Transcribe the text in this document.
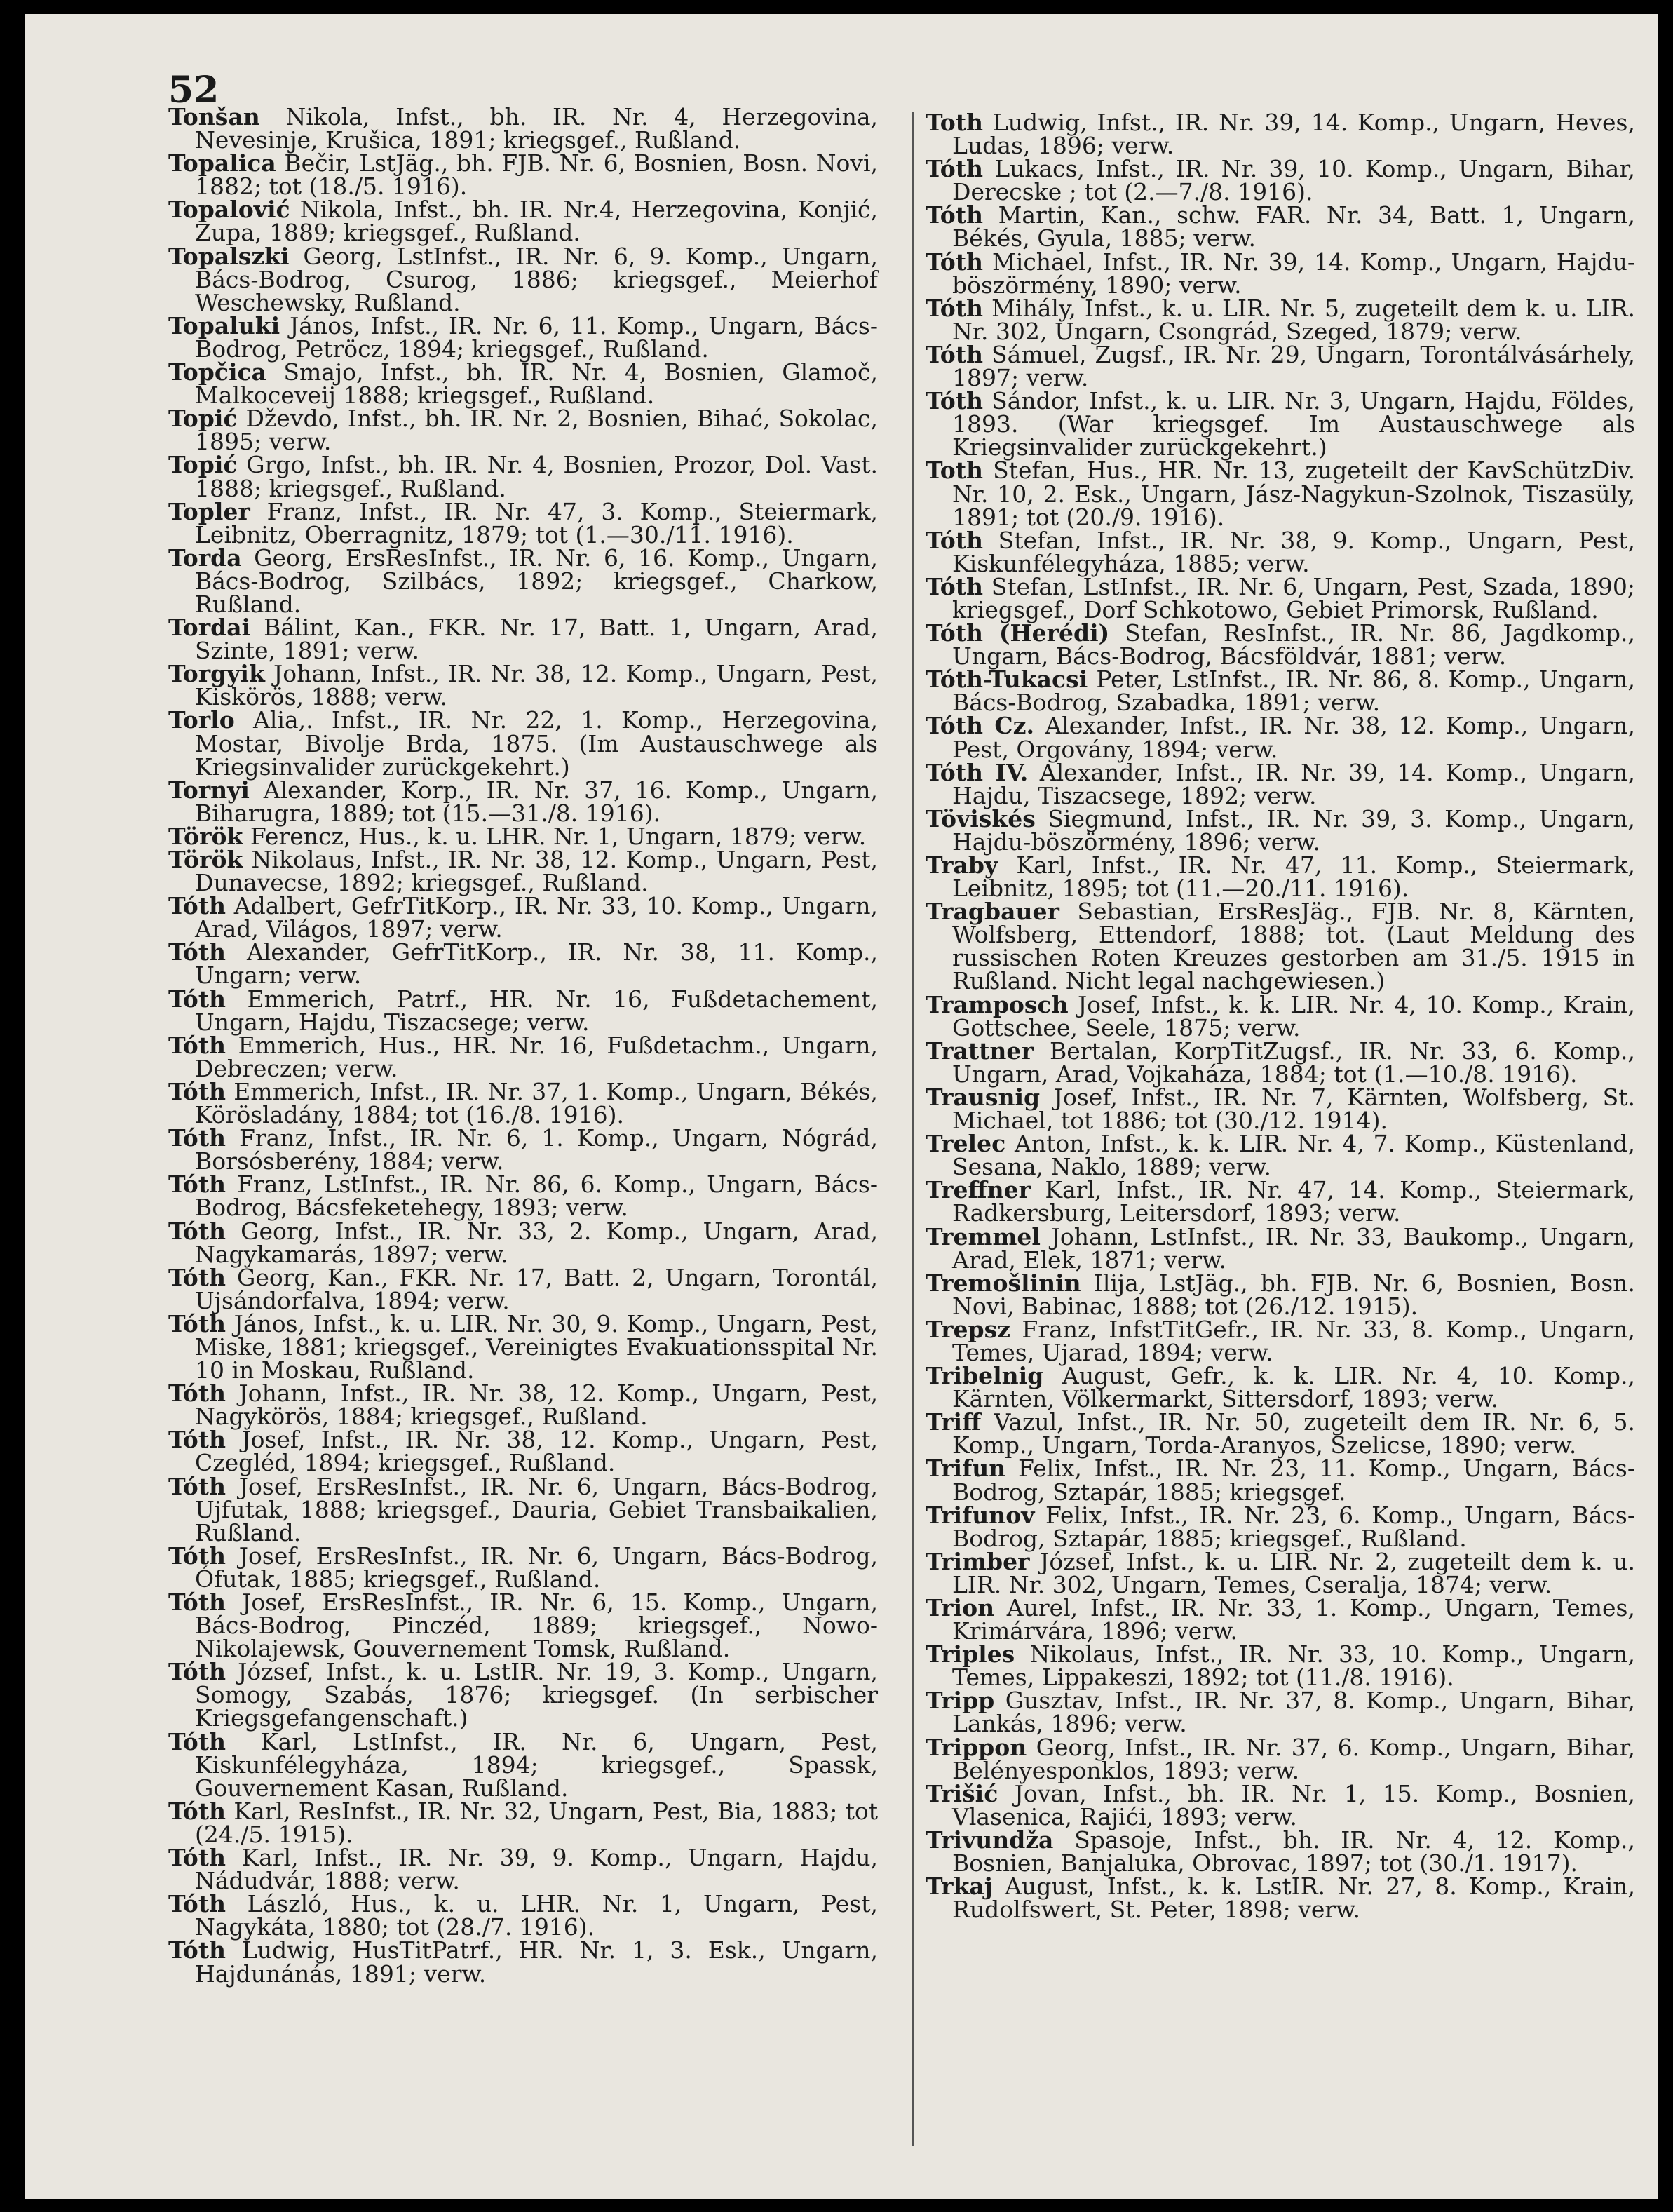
52

Tonšan Nikola, Infst., bh. IR. Nr. 4, Herzegovina, Nevesinje, Krušica, 1891; kriegsgef., Rußland.

Topalica Bečir, LstJäg., bh. FJB. Nr. 6, Bosnien, Bosn. Novi, 1882; tot (18./5. 1916).

Topalović Nikola, Infst., bh. IR. Nr.4, Herzegovina, Konjić, Zupa, 1889; kriegsgef., Rußland.

Topalszki Georg, LstInfst., IR. Nr. 6, 9. Komp., Ungarn, Bács-Bodrog, Csurog, 1886; kriegsgef., Meierhof Weschewsky, Rußland.

Topaluki János, Infst., IR. Nr. 6, 11. Komp., Ungarn, Bács-Bodrog, Petröcz, 1894; kriegsgef., Rußland.

Topčica Smajo, Infst., bh. IR. Nr. 4, Bosnien, Glamoč, Malkoceveij 1888; kriegsgef., Rußland.

Topić Dževdo, Infst., bh. IR. Nr. 2, Bosnien, Bihać, Sokolac, 1895; verw.

Topić Grgo, Infst., bh. IR. Nr. 4, Bosnien, Prozor, Dol. Vast. 1888; kriegsgef., Rußland.

Topler Franz, Infst., IR. Nr. 47, 3. Komp., Steiermark, Leibnitz, Oberragnitz, 1879; tot (1.—30./11. 1916).

Torda Georg, ErsResInfst., IR. Nr. 6, 16. Komp., Ungarn, Bács-Bodrog, Szilbács, 1892; kriegsgef., Charkow, Rußland.

Tordai Bálint, Kan., FKR. Nr. 17, Batt. 1, Ungarn, Arad, Szinte, 1891; verw.

Torgyik Johann, Infst., IR. Nr. 38, 12. Komp., Ungarn, Pest, Kiskörös, 1888; verw.

Torlo Alia,. Infst., IR. Nr. 22, 1. Komp., Herzegovina, Mostar, Bivolje Brda, 1875. (Im Austauschwege als Kriegsinvalider zurückgekehrt.)

Tornyi Alexander, Korp., IR. Nr. 37, 16. Komp., Ungarn, Biharugra, 1889; tot (15.—31./8. 1916).

Török Ferencz, Hus., k. u. LHR. Nr. 1, Ungarn, 1879; verw.

Török Nikolaus, Infst., IR. Nr. 38, 12. Komp., Ungarn, Pest, Dunavecse, 1892; kriegsgef., Rußland.

Tóth Adalbert, GefrTitKorp., IR. Nr. 33, 10. Komp., Ungarn, Arad, Világos, 1897; verw.

Tóth Alexander, GefrTitKorp., IR. Nr. 38, 11. Komp., Ungarn; verw.

Tóth Emmerich, Patrf., HR. Nr. 16, Fußdetachement, Ungarn, Hajdu, Tiszacsege; verw.

Tóth Emmerich, Hus., HR. Nr. 16, Fußdetachm., Ungarn, Debreczen; verw.

Tóth Emmerich, Infst., IR. Nr. 37, 1. Komp., Ungarn, Békés, Körösladány, 1884; tot (16./8. 1916).

Tóth Franz, Infst., IR. Nr. 6, 1. Komp., Ungarn, Nógrád, Borsósberény, 1884; verw.

Tóth Franz, LstInfst., IR. Nr. 86, 6. Komp., Ungarn, Bács-Bodrog, Bácsfeketehegy, 1893; verw.

Tóth Georg, Infst., IR. Nr. 33, 2. Komp., Ungarn, Arad, Nagykamarás, 1897; verw.

Tóth Georg, Kan., FKR. Nr. 17, Batt. 2, Ungarn, Torontál, Ujsándorfalva, 1894; verw.

Tóth János, Infst., k. u. LIR. Nr. 30, 9. Komp., Ungarn, Pest, Miske, 1881; kriegsgef., Vereinigtes Evakuationsspital Nr. 10 in Moskau, Rußland.

Tóth Johann, Infst., IR. Nr. 38, 12. Komp., Ungarn, Pest, Nagykörös, 1884; kriegsgef., Rußland.

Tóth Josef, Infst., IR. Nr. 38, 12. Komp., Ungarn, Pest, Czegléd, 1894; kriegsgef., Rußland.

Tóth Josef, ErsResInfst., IR. Nr. 6, Ungarn, Bács-Bodrog, Ujfutak, 1888; kriegsgef., Dauria, Gebiet Transbaikalien, Rußland.

Tóth Josef, ErsResInfst., IR. Nr. 6, Ungarn, Bács-Bodrog, Ófutak, 1885; kriegsgef., Rußland.

Tóth Josef, ErsResInfst., IR. Nr. 6, 15. Komp., Ungarn, Bács-Bodrog, Pinczéd, 1889; kriegsgef., Nowo-Nikolajewsk, Gouvernement Tomsk, Rußland.

Tóth József, Infst., k. u. LstIR. Nr. 19, 3. Komp., Ungarn, Somogy, Szabás, 1876; kriegsgef. (In serbischer Kriegsgefangenschaft.)

Tóth Karl, LstInfst., IR. Nr. 6, Ungarn, Pest, Kiskunfélegyháza, 1894; kriegsgef., Spassk, Gouvernement Kasan, Rußland.

Tóth Karl, ResInfst., IR. Nr. 32, Ungarn, Pest, Bia, 1883; tot (24./5. 1915).

Tóth Karl, Infst., IR. Nr. 39, 9. Komp., Ungarn, Hajdu, Nádudvár, 1888; verw.

Tóth László, Hus., k. u. LHR. Nr. 1, Ungarn, Pest, Nagykáta, 1880; tot (28./7. 1916).

Tóth Ludwig, HusTitPatrf., HR. Nr. 1, 3. Esk., Ungarn, Hajdunánás, 1891; verw.

Toth Ludwig, Infst., IR. Nr. 39, 14. Komp., Ungarn, Heves, Ludas, 1896; verw.

Tóth Lukacs, Infst., IR. Nr. 39, 10. Komp., Ungarn, Bihar, Derecske ; tot (2.—7./8. 1916).

Tóth Martin, Kan., schw. FAR. Nr. 34, Batt. 1, Ungarn, Békés, Gyula, 1885; verw.

Tóth Michael, Infst., IR. Nr. 39, 14. Komp., Ungarn, Hajdu-böszörmény, 1890; verw.

Tóth Mihály, Infst., k. u. LIR. Nr. 5, zugeteilt dem k. u. LIR. Nr. 302, Ungarn, Csongrád, Szeged, 1879; verw.

Tóth Sámuel, Zugsf., IR. Nr. 29, Ungarn, Torontálvásárhely, 1897; verw.

Tóth Sándor, Infst., k. u. LIR. Nr. 3, Ungarn, Hajdu, Földes, 1893. (War kriegsgef. Im Austauschwege als Kriegsinvalider zurückgekehrt.)

Toth Stefan, Hus., HR. Nr. 13, zugeteilt der KavSchützDiv. Nr. 10, 2. Esk., Ungarn, Jász-Nagykun-Szolnok, Tiszasüly, 1891; tot (20./9. 1916).

Tóth Stefan, Infst., IR. Nr. 38, 9. Komp., Ungarn, Pest, Kiskunfélegyháza, 1885; verw.

Tóth Stefan, LstInfst., IR. Nr. 6, Ungarn, Pest, Szada, 1890; kriegsgef., Dorf Schkotowo, Gebiet Primorsk, Rußland.

Tóth (Herédi) Stefan, ResInfst., IR. Nr. 86, Jagdkomp., Ungarn, Bács-Bodrog, Bácsföldvár, 1881; verw.

Tóth-Tukacsi Peter, LstInfst., IR. Nr. 86, 8. Komp., Ungarn, Bács-Bodrog, Szabadka, 1891; verw.

Tóth Cz. Alexander, Infst., IR. Nr. 38, 12. Komp., Ungarn, Pest, Orgovány, 1894; verw.

Tóth IV. Alexander, Infst., IR. Nr. 39, 14. Komp., Ungarn, Hajdu, Tiszacsege, 1892; verw.

Töviskés Siegmund, Infst., IR. Nr. 39, 3. Komp., Ungarn, Hajdu-böszörmény, 1896; verw.

Traby Karl, Infst., IR. Nr. 47, 11. Komp., Steiermark, Leibnitz, 1895; tot (11.—20./11. 1916).

Tragbauer Sebastian, ErsResJäg., FJB. Nr. 8, Kärnten, Wolfsberg, Ettendorf, 1888; tot. (Laut Meldung des russischen Roten Kreuzes gestorben am 31./5. 1915 in Rußland. Nicht legal nachgewiesen.)

Tramposch Josef, Infst., k. k. LIR. Nr. 4, 10. Komp., Krain, Gottschee, Seele, 1875; verw.

Trattner Bertalan, KorpTitZugsf., IR. Nr. 33, 6. Komp., Ungarn, Arad, Vojkaháza, 1884; tot (1.—10./8. 1916).

Trausnig Josef, Infst., IR. Nr. 7, Kärnten, Wolfsberg, St. Michael, tot 1886; tot (30./12. 1914).

Trelec Anton, Infst., k. k. LIR. Nr. 4, 7. Komp., Küstenland, Sesana, Naklo, 1889; verw.

Treffner Karl, Infst., IR. Nr. 47, 14. Komp., Steiermark, Radkersburg, Leitersdorf, 1893; verw.

Tremmel Johann, LstInfst., IR. Nr. 33, Baukomp., Ungarn, Arad, Elek, 1871; verw.

Tremošlinin Ilija, LstJäg., bh. FJB. Nr. 6, Bosnien, Bosn. Novi, Babinac, 1888; tot (26./12. 1915).

Trepsz Franz, InfstTitGefr., IR. Nr. 33, 8. Komp., Ungarn, Temes, Ujarad, 1894; verw.

Tribelnig August, Gefr., k. k. LIR. Nr. 4, 10. Komp., Kärnten, Völkermarkt, Sittersdorf, 1893; verw.

Triff Vazul, Infst., IR. Nr. 50, zugeteilt dem IR. Nr. 6, 5. Komp., Ungarn, Torda-Aranyos, Szelicse, 1890; verw.

Trifun Felix, Infst., IR. Nr. 23, 11. Komp., Ungarn, Bács-Bodrog, Sztapár, 1885; kriegsgef.

Trifunov Felix, Infst., IR. Nr. 23, 6. Komp., Ungarn, Bács-Bodrog, Sztapár, 1885; kriegsgef., Rußland.

Trimber József, Infst., k. u. LIR. Nr. 2, zugeteilt dem k. u. LIR. Nr. 302, Ungarn, Temes, Cseralja, 1874; verw.

Trion Aurel, Infst., IR. Nr. 33, 1. Komp., Ungarn, Temes, Krimárvára, 1896; verw.

Triples Nikolaus, Infst., IR. Nr. 33, 10. Komp., Ungarn, Temes, Lippakeszi, 1892; tot (11./8. 1916).

Tripp Gusztav, Infst., IR. Nr. 37, 8. Komp., Ungarn, Bihar, Lankás, 1896; verw.

Trippon Georg, Infst., IR. Nr. 37, 6. Komp., Ungarn, Bihar, Belényesponklos, 1893; verw.

Trišić Jovan, Infst., bh. IR. Nr. 1, 15. Komp., Bosnien, Vlasenica, Rajići, 1893; verw.

Trivundža Spasoje, Infst., bh. IR. Nr. 4, 12. Komp., Bosnien, Banjaluka, Obrovac, 1897; tot (30./1. 1917).

Trkaj August, Infst., k. k. LstIR. Nr. 27, 8. Komp., Krain, Rudolfswert, St. Peter, 1898; verw.
